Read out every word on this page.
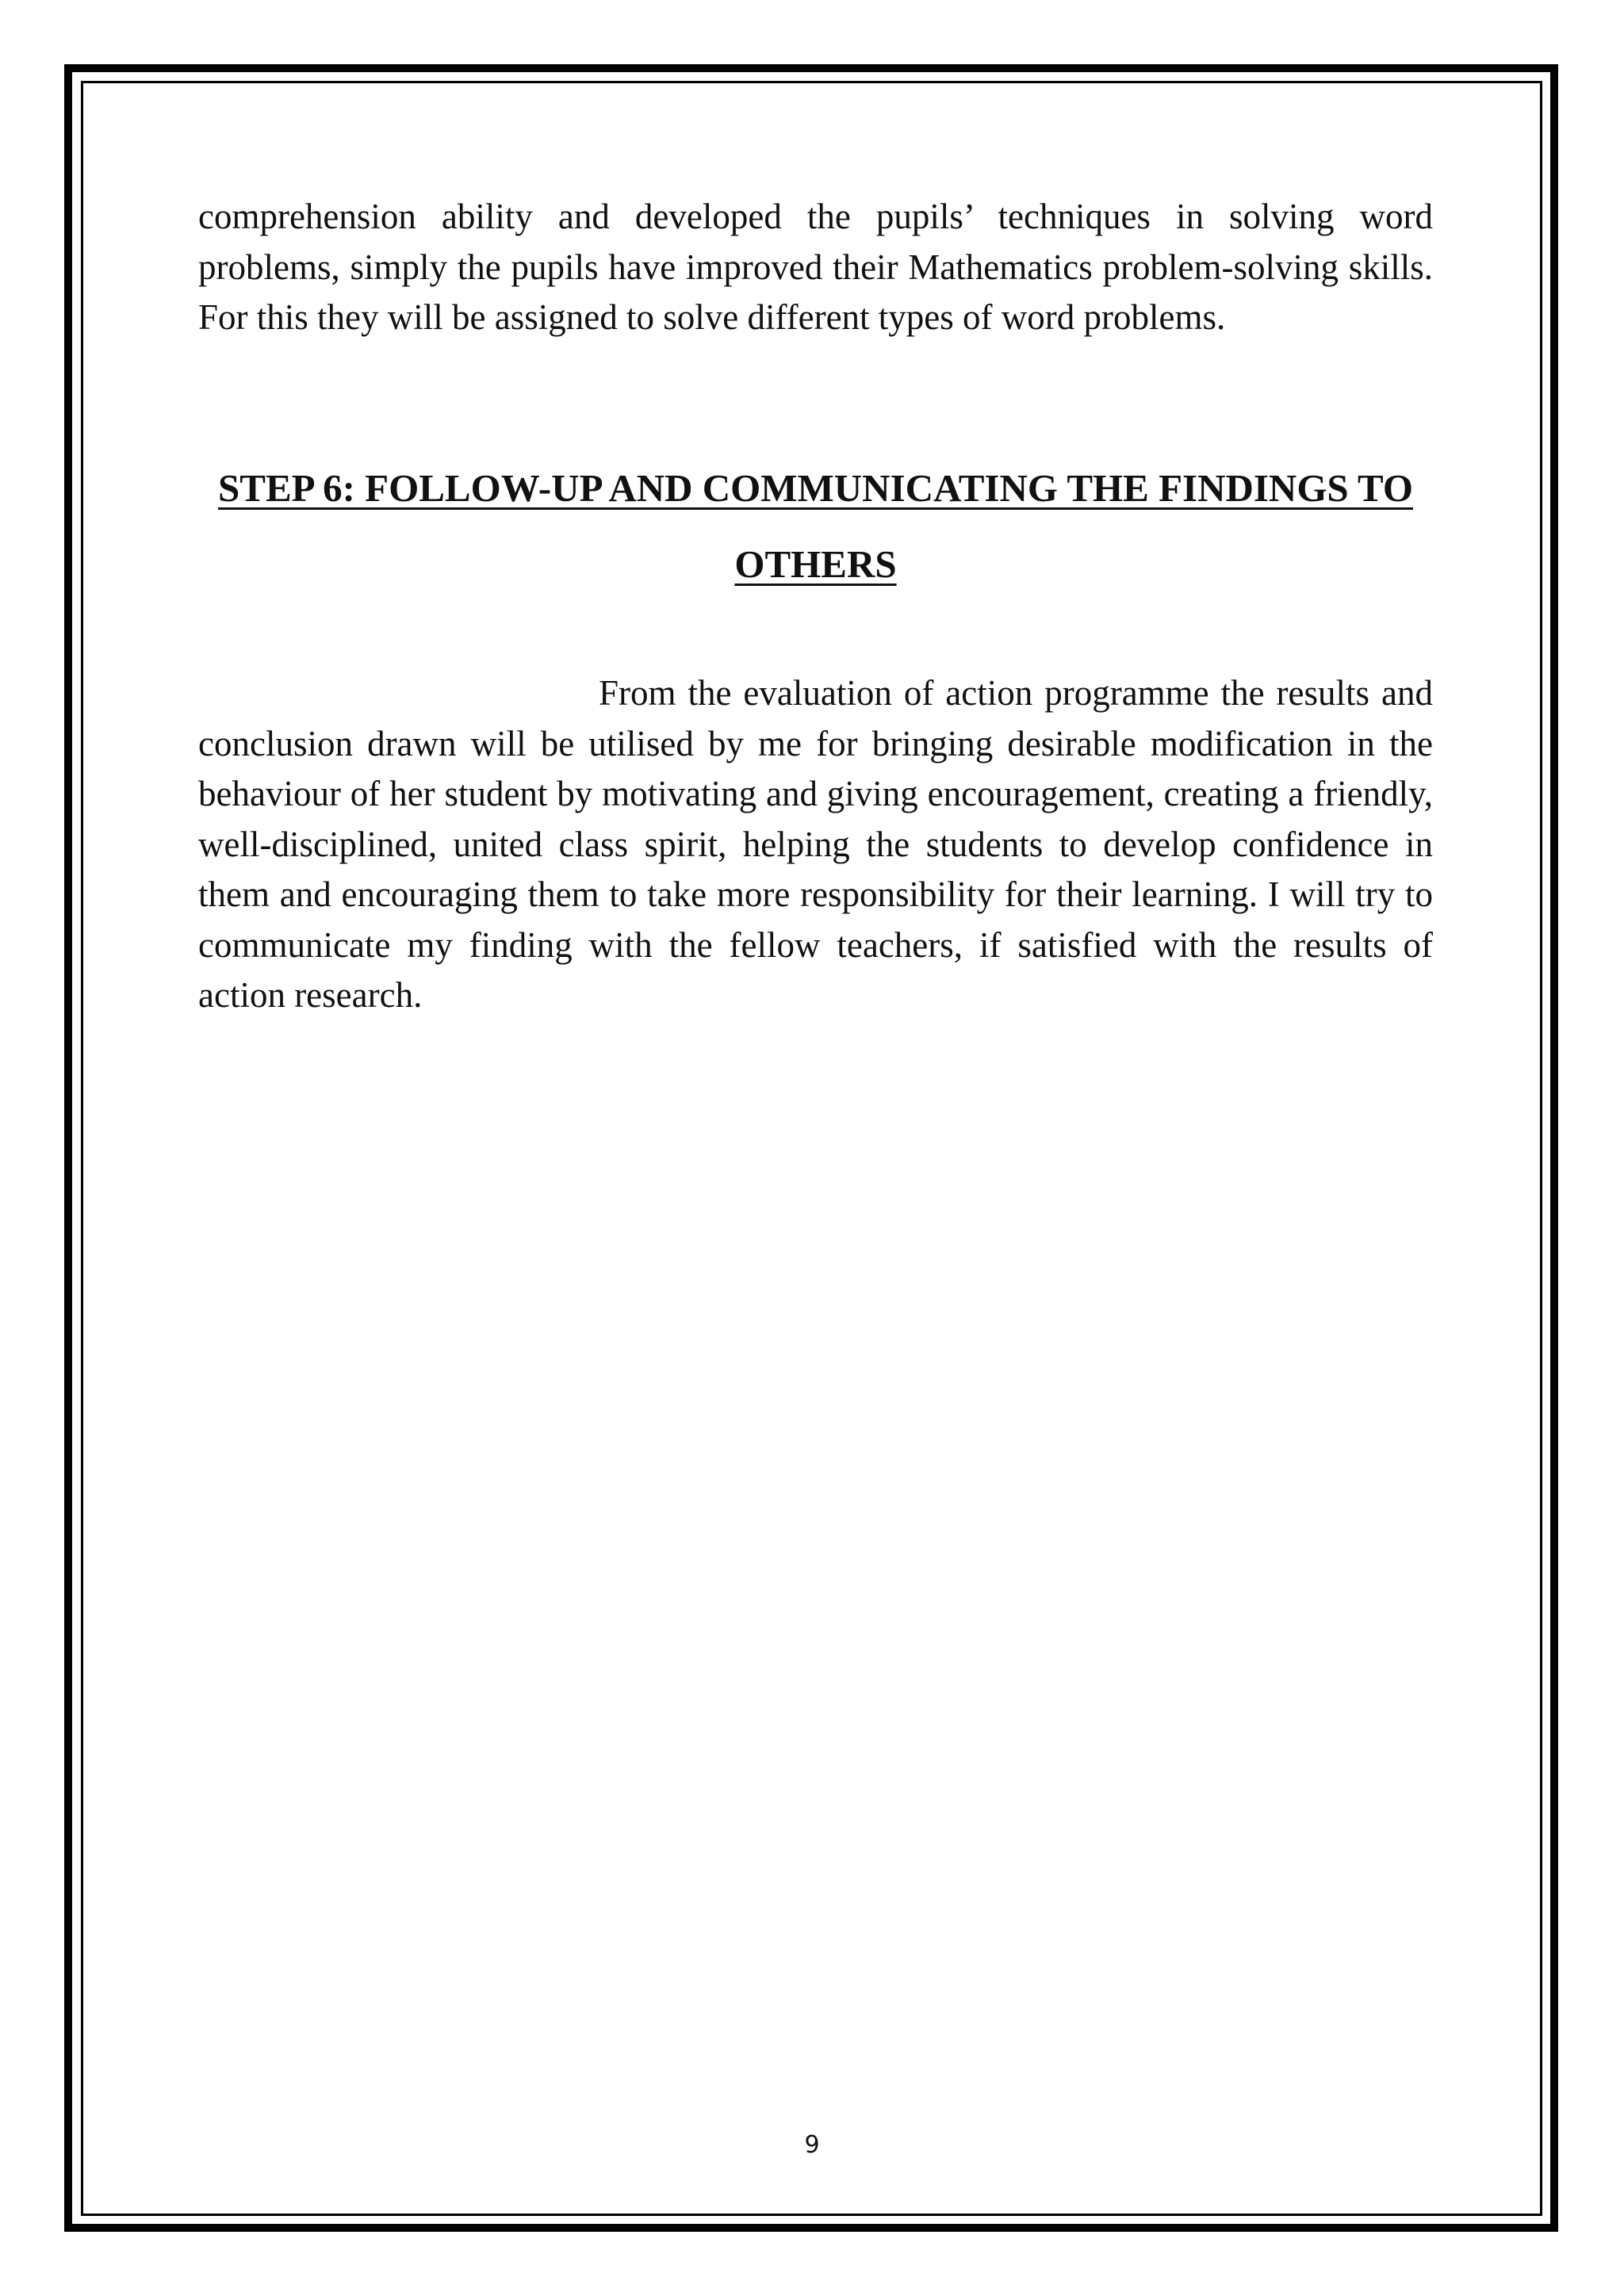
comprehension ability and developed the pupils’ techniques in solving word problems, simply the pupils have improved their Mathematics problem-solving skills. For this they will be assigned to solve different types of word problems.

STEP 6: FOLLOW-UP AND COMMUNICATING THE FINDINGS TO OTHERS

From the evaluation of action programme the results and conclusion drawn will be utilised by me for bringing desirable modification in the behaviour of her student by motivating and giving encouragement, creating a friendly, well-disciplined, united class spirit, helping the students to develop confidence in them and encouraging them to take more responsibility for their learning. I will try to communicate my finding with the fellow teachers, if satisfied with the results of action research.

9
